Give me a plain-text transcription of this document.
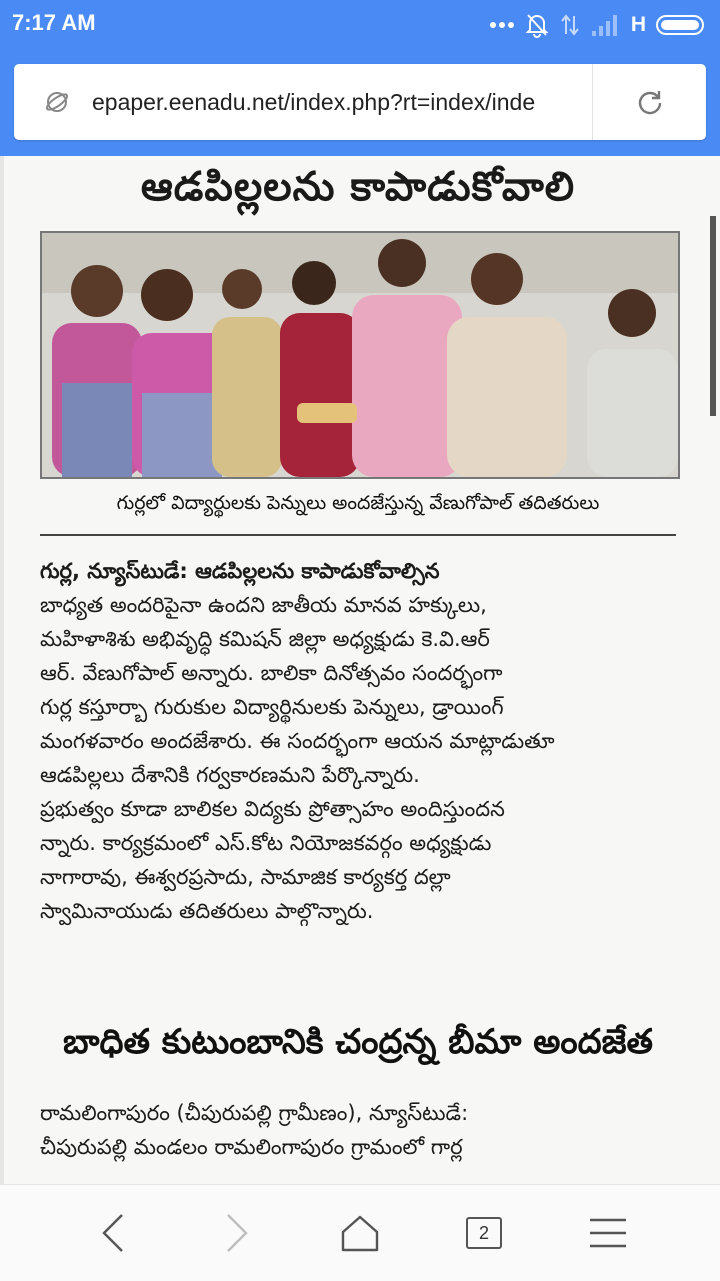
7:17 AM	H
epaper.eenadu.net/index.php?rt=index/inde
ఆడపిల్లలను కాపాడుకోవాలి
గుర్లలో విద్యార్థులకు పెన్నులు అందజేస్తున్న వేణుగోపాల్ తదితరులు
గుర్ల, న్యూస్‌టుడే: ఆడపిల్లలను కాపాడుకోవాల్సిన
బాధ్యత అందరిపైనా ఉందని జాతీయ మానవ హక్కులు,
మహిళాశిశు అభివృద్ధి కమిషన్ జిల్లా అధ్యక్షుడు కె.వి.ఆర్
ఆర్. వేణుగోపాల్ అన్నారు. బాలికా దినోత్సవం సందర్భంగా
గుర్ల కస్తూర్బా గురుకుల విద్యార్థినులకు పెన్నులు, డ్రాయింగ్
మంగళవారం అందజేశారు. ఈ సందర్భంగా ఆయన మాట్లాడుతూ
ఆడపిల్లలు దేశానికి గర్వకారణమని పేర్కొన్నారు.
ప్రభుత్వం కూడా బాలికల విద్యకు ప్రోత్సాహం అందిస్తుందన
న్నారు. కార్యక్రమంలో ఎస్.కోట నియోజకవర్గం అధ్యక్షుడు
నాగారావు, ఈశ్వరప్రసాదు, సామాజిక కార్యకర్త దల్లా
స్వామినాయుడు తదితరులు పాల్గొన్నారు.
బాధిత కుటుంబానికి చంద్రన్న బీమా అందజేత
రామలింగాపురం (చీపురుపల్లి గ్రామీణం), న్యూస్‌టుడే:
చీపురుపల్లి మండలం రామలింగాపురం గ్రామంలో గార్ల
2
